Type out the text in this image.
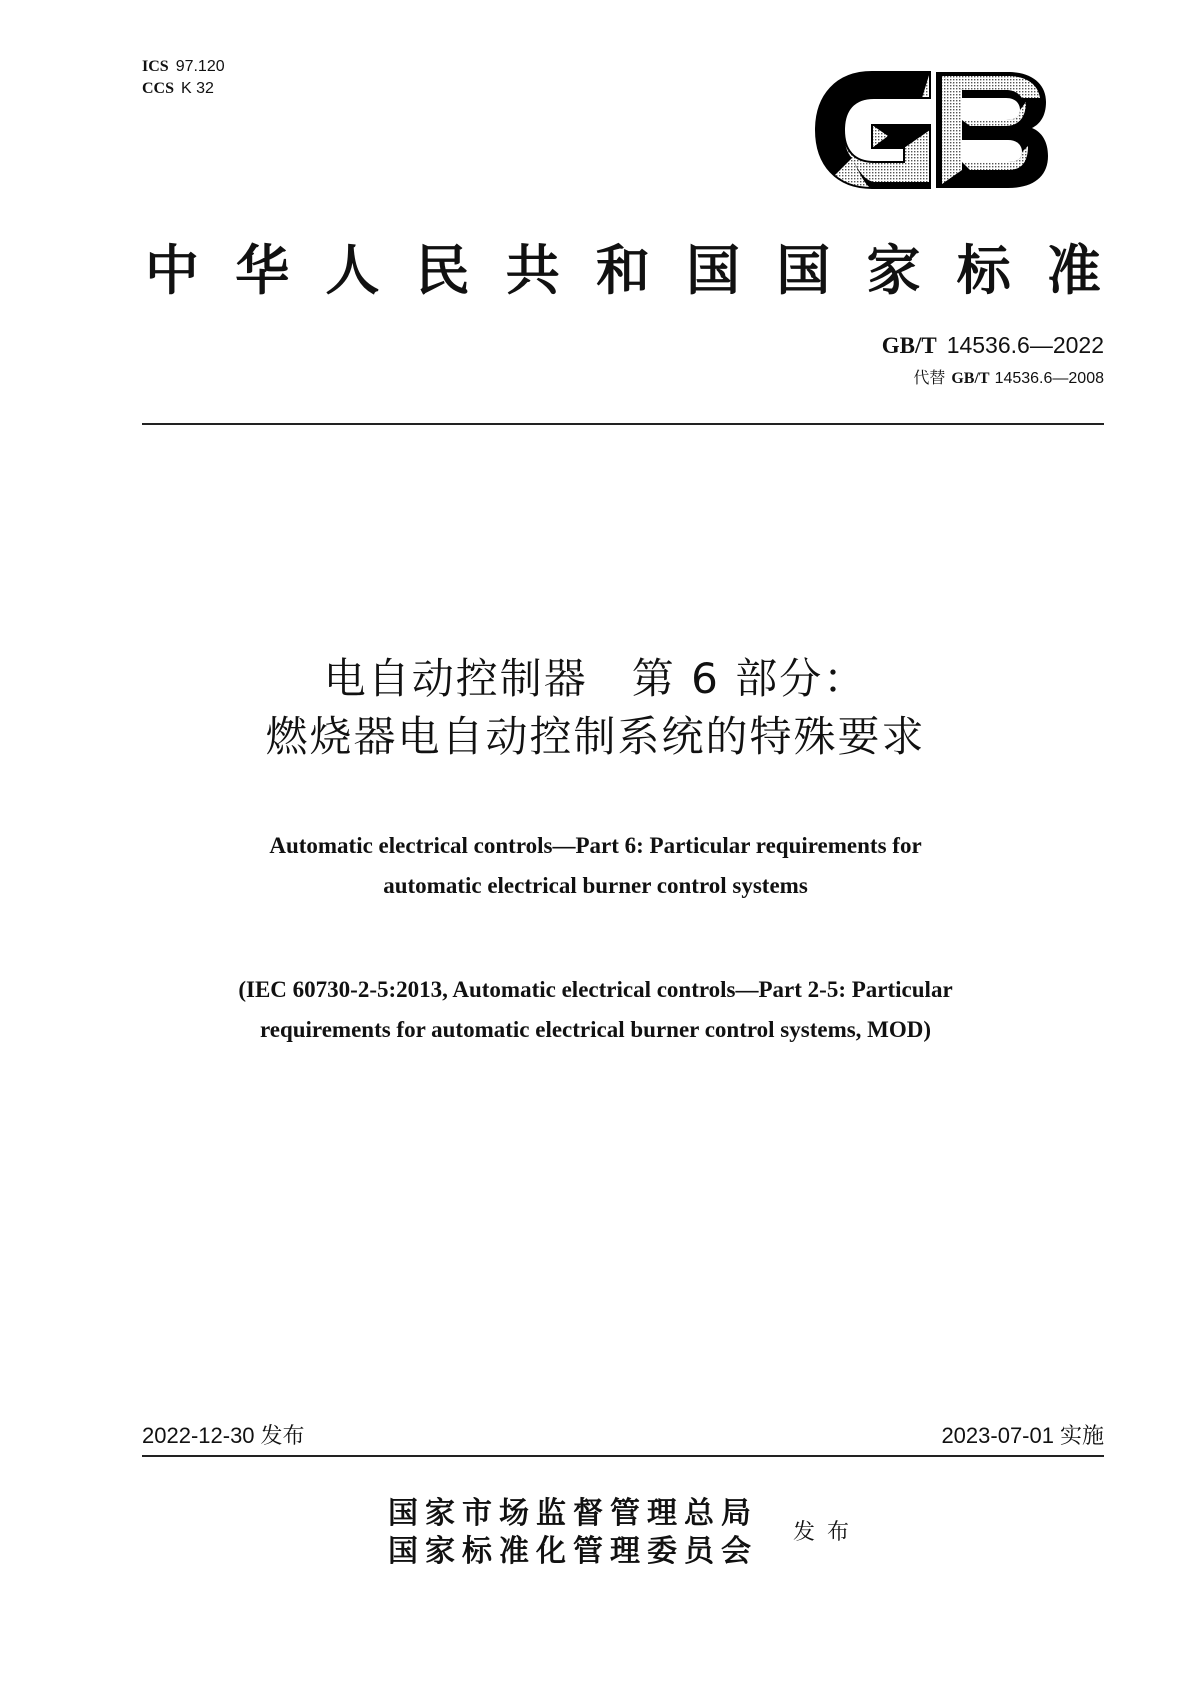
ICS 97.120
CCS K 32
中 华 人 民 共 和 国 国 家 标 准
GB/T 14536.6—2022
代替 GB/T 14536.6—2008
电自动控制器 第 6 部分：
燃烧器电自动控制系统的特殊要求
Automatic electrical controls—Part 6: Particular requirements for
automatic electrical burner control systems
(IEC 60730-2-5:2013, Automatic electrical controls—Part 2-5: Particular
requirements for automatic electrical burner control systems, MOD)
2022-12-30 发布	2023-07-01 实施
国家市场监督管理总局
国家标准化管理委员会
发布
